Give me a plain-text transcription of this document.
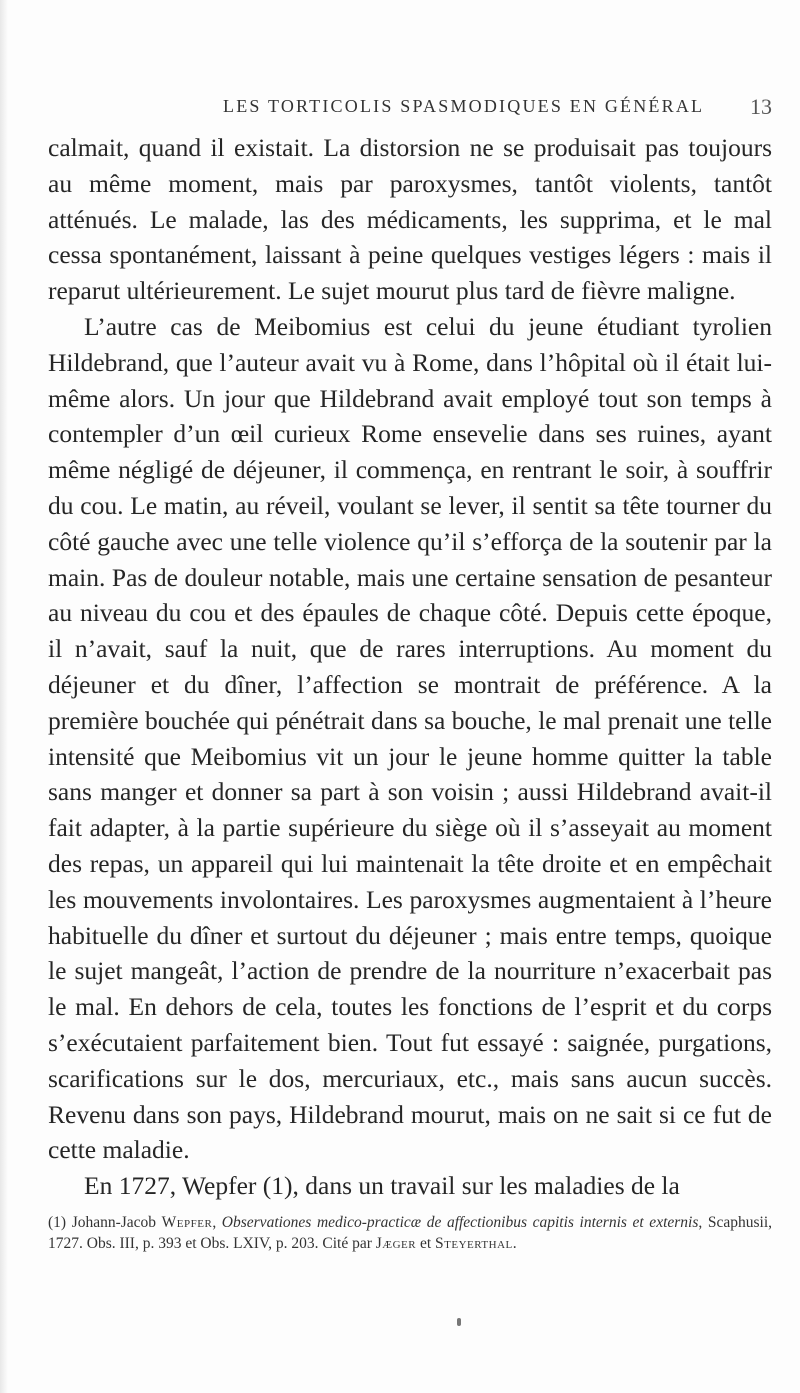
LES TORTICOLIS SPASMODIQUES EN GÉNÉRAL	13

calmait, quand il existait. La distorsion ne se produisait pas toujours au même moment, mais par paroxysmes, tantôt violents, tantôt atténués. Le malade, las des médicaments, les supprima, et le mal cessa spontanément, laissant à peine quelques vestiges légers : mais il reparut ultérieurement. Le sujet mourut plus tard de fièvre maligne.

L’autre cas de Meibomius est celui du jeune étudiant tyrolien Hildebrand, que l’auteur avait vu à Rome, dans l’hôpital où il était lui-même alors. Un jour que Hildebrand avait employé tout son temps à contempler d’un œil curieux Rome ensevelie dans ses ruines, ayant même négligé de déjeuner, il commença, en rentrant le soir, à souffrir du cou. Le matin, au réveil, voulant se lever, il sentit sa tête tourner du côté gauche avec une telle violence qu’il s’efforça de la soutenir par la main. Pas de douleur notable, mais une certaine sensation de pesanteur au niveau du cou et des épaules de chaque côté. Depuis cette époque, il n’avait, sauf la nuit, que de rares interruptions. Au moment du déjeuner et du dîner, l’affection se montrait de préférence. A la première bouchée qui pénétrait dans sa bouche, le mal prenait une telle intensité que Meibomius vit un jour le jeune homme quitter la table sans manger et donner sa part à son voisin ; aussi Hildebrand avait-il fait adapter, à la partie supérieure du siège où il s’asseyait au moment des repas, un appareil qui lui maintenait la tête droite et en empêchait les mouvements involontaires. Les paroxysmes augmentaient à l’heure habituelle du dîner et surtout du déjeuner ; mais entre temps, quoique le sujet mangeât, l’action de prendre de la nourriture n’exacerbait pas le mal. En dehors de cela, toutes les fonctions de l’esprit et du corps s’exécutaient parfaitement bien. Tout fut essayé : saignée, purgations, scarifications sur le dos, mercuriaux, etc., mais sans aucun succès. Revenu dans son pays, Hildebrand mourut, mais on ne sait si ce fut de cette maladie.

En 1727, Wepfer (1), dans un travail sur les maladies de la

(1) Johann-Jacob Wepfer, Observationes medico-practicæ de affectionibus capitis internis et externis, Scaphusii, 1727. Obs. III, p. 393 et Obs. LXIV, p. 203. Cité par Jæger et Steyerthal.
